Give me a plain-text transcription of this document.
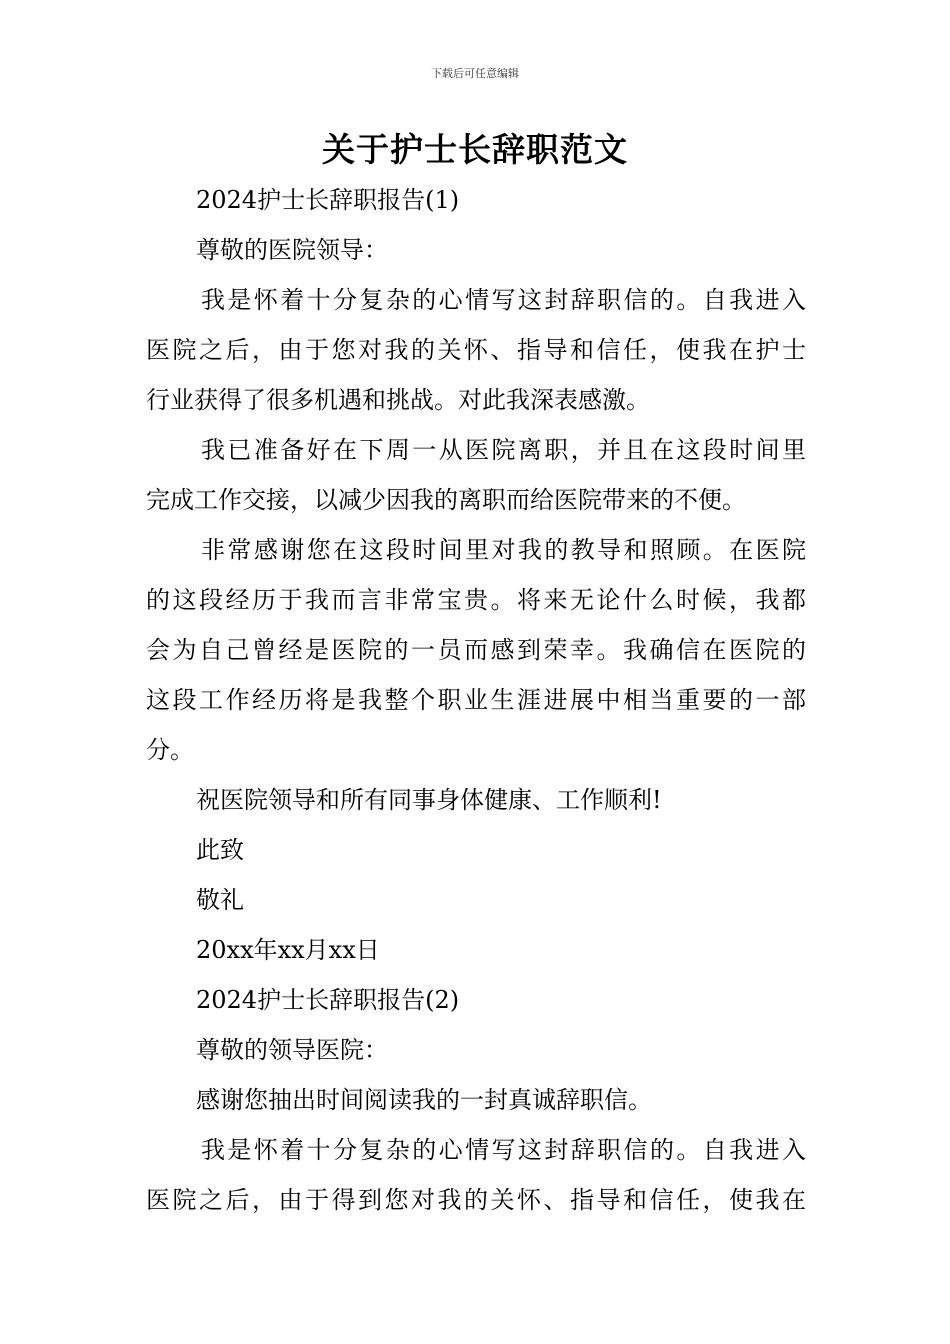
下载后可任意编辑
关于护士长辞职范文
2024护士长辞职报告(1)
尊敬的医院领导：
我是怀着十分复杂的心情写这封辞职信的。自我进入
医院之后，由于您对我的关怀、指导和信任，使我在护士
行业获得了很多机遇和挑战。对此我深表感激。
我已准备好在下周一从医院离职，并且在这段时间里
完成工作交接，以减少因我的离职而给医院带来的不便。
非常感谢您在这段时间里对我的教导和照顾。在医院
的这段经历于我而言非常宝贵。将来无论什么时候，我都
会为自己曾经是医院的一员而感到荣幸。我确信在医院的
这段工作经历将是我整个职业生涯进展中相当重要的一部
分。
祝医院领导和所有同事身体健康、工作顺利!
此致
敬礼
20xx年xx月xx日
2024护士长辞职报告(2)
尊敬的领导医院：
感谢您抽出时间阅读我的一封真诚辞职信。
我是怀着十分复杂的心情写这封辞职信的。自我进入
医院之后，由于得到您对我的关怀、指导和信任，使我在
